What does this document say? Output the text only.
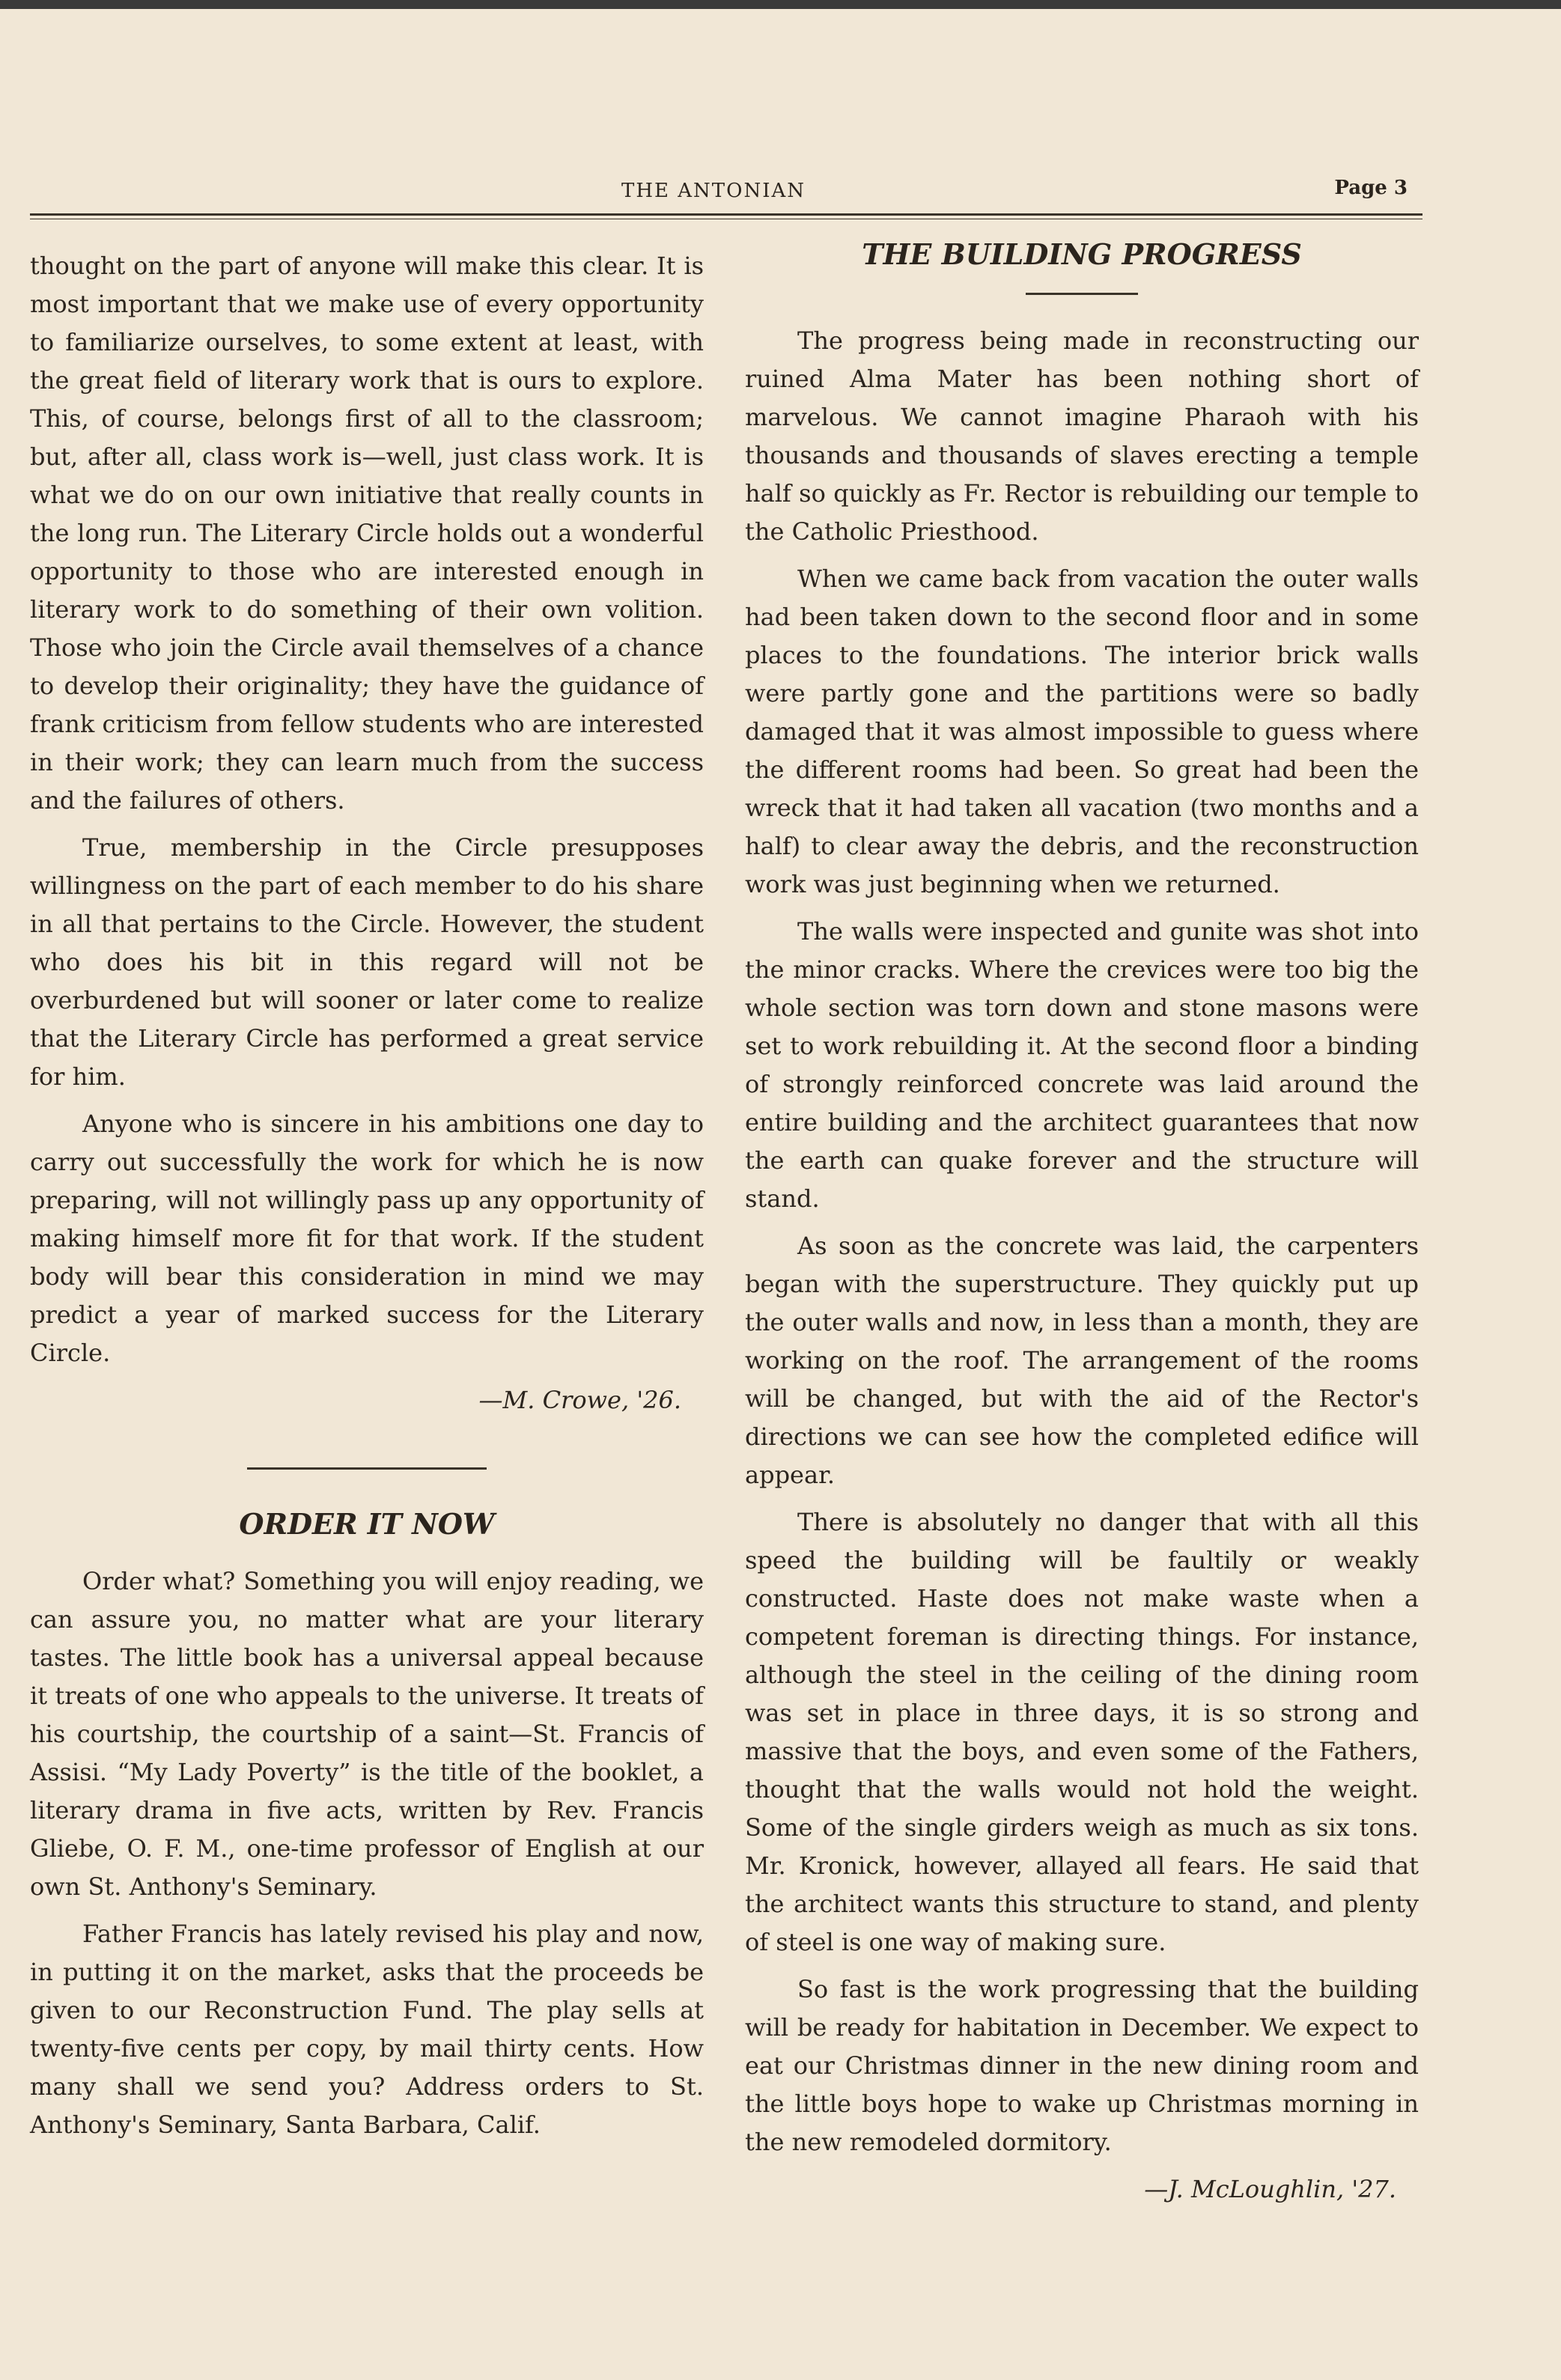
THE ANTONIAN	Page 3

thought on the part of anyone will make this clear. It is most important that we make use of every opportunity to familiarize ourselves, to some extent at least, with the great field of literary work that is ours to explore. This, of course, belongs first of all to the classroom; but, after all, class work is—well, just class work. It is what we do on our own initiative that really counts in the long run. The Literary Circle holds out a wonderful opportunity to those who are interested enough in literary work to do something of their own volition. Those who join the Circle avail themselves of a chance to develop their originality; they have the guidance of frank criticism from fellow students who are interested in their work; they can learn much from the success and the failures of others.

True, membership in the Circle presupposes willingness on the part of each member to do his share in all that pertains to the Circle. However, the student who does his bit in this regard will not be overburdened but will sooner or later come to realize that the Literary Circle has performed a great service for him.

Anyone who is sincere in his ambitions one day to carry out successfully the work for which he is now preparing, will not willingly pass up any opportunity of making himself more fit for that work. If the student body will bear this consideration in mind we may predict a year of marked success for the Literary Circle.

—M. Crowe, '26.
ORDER IT NOW

Order what? Something you will enjoy reading, we can assure you, no matter what are your literary tastes. The little book has a universal appeal because it treats of one who appeals to the universe. It treats of his courtship, the courtship of a saint—St. Francis of Assisi. “My Lady Poverty” is the title of the booklet, a literary drama in five acts, written by Rev. Francis Gliebe, O. F. M., one-time professor of English at our own St. Anthony's Seminary.

Father Francis has lately revised his play and now, in putting it on the market, asks that the proceeds be given to our Reconstruction Fund. The play sells at twenty-five cents per copy, by mail thirty cents. How many shall we send you? Address orders to St. Anthony's Seminary, Santa Barbara, Calif.

THE BUILDING PROGRESS

The progress being made in reconstructing our ruined Alma Mater has been nothing short of marvelous. We cannot imagine Pharaoh with his thousands and thousands of slaves erecting a temple half so quickly as Fr. Rector is rebuilding our temple to the Catholic Priesthood.

When we came back from vacation the outer walls had been taken down to the second floor and in some places to the foundations. The interior brick walls were partly gone and the partitions were so badly damaged that it was almost impossible to guess where the different rooms had been. So great had been the wreck that it had taken all vacation (two months and a half) to clear away the debris, and the reconstruction work was just beginning when we returned.

The walls were inspected and gunite was shot into the minor cracks. Where the crevices were too big the whole section was torn down and stone masons were set to work rebuilding it. At the second floor a binding of strongly reinforced concrete was laid around the entire building and the architect guarantees that now the earth can quake forever and the structure will stand.

As soon as the concrete was laid, the carpenters began with the superstructure. They quickly put up the outer walls and now, in less than a month, they are working on the roof. The arrangement of the rooms will be changed, but with the aid of the Rector's directions we can see how the completed edifice will appear.

There is absolutely no danger that with all this speed the building will be faultily or weakly constructed. Haste does not make waste when a competent foreman is directing things. For instance, although the steel in the ceiling of the dining room was set in place in three days, it is so strong and massive that the boys, and even some of the Fathers, thought that the walls would not hold the weight. Some of the single girders weigh as much as six tons. Mr. Kronick, however, allayed all fears. He said that the architect wants this structure to stand, and plenty of steel is one way of making sure.

So fast is the work progressing that the building will be ready for habitation in December. We expect to eat our Christmas dinner in the new dining room and the little boys hope to wake up Christmas morning in the new remodeled dormitory.

—J. McLoughlin, '27.
